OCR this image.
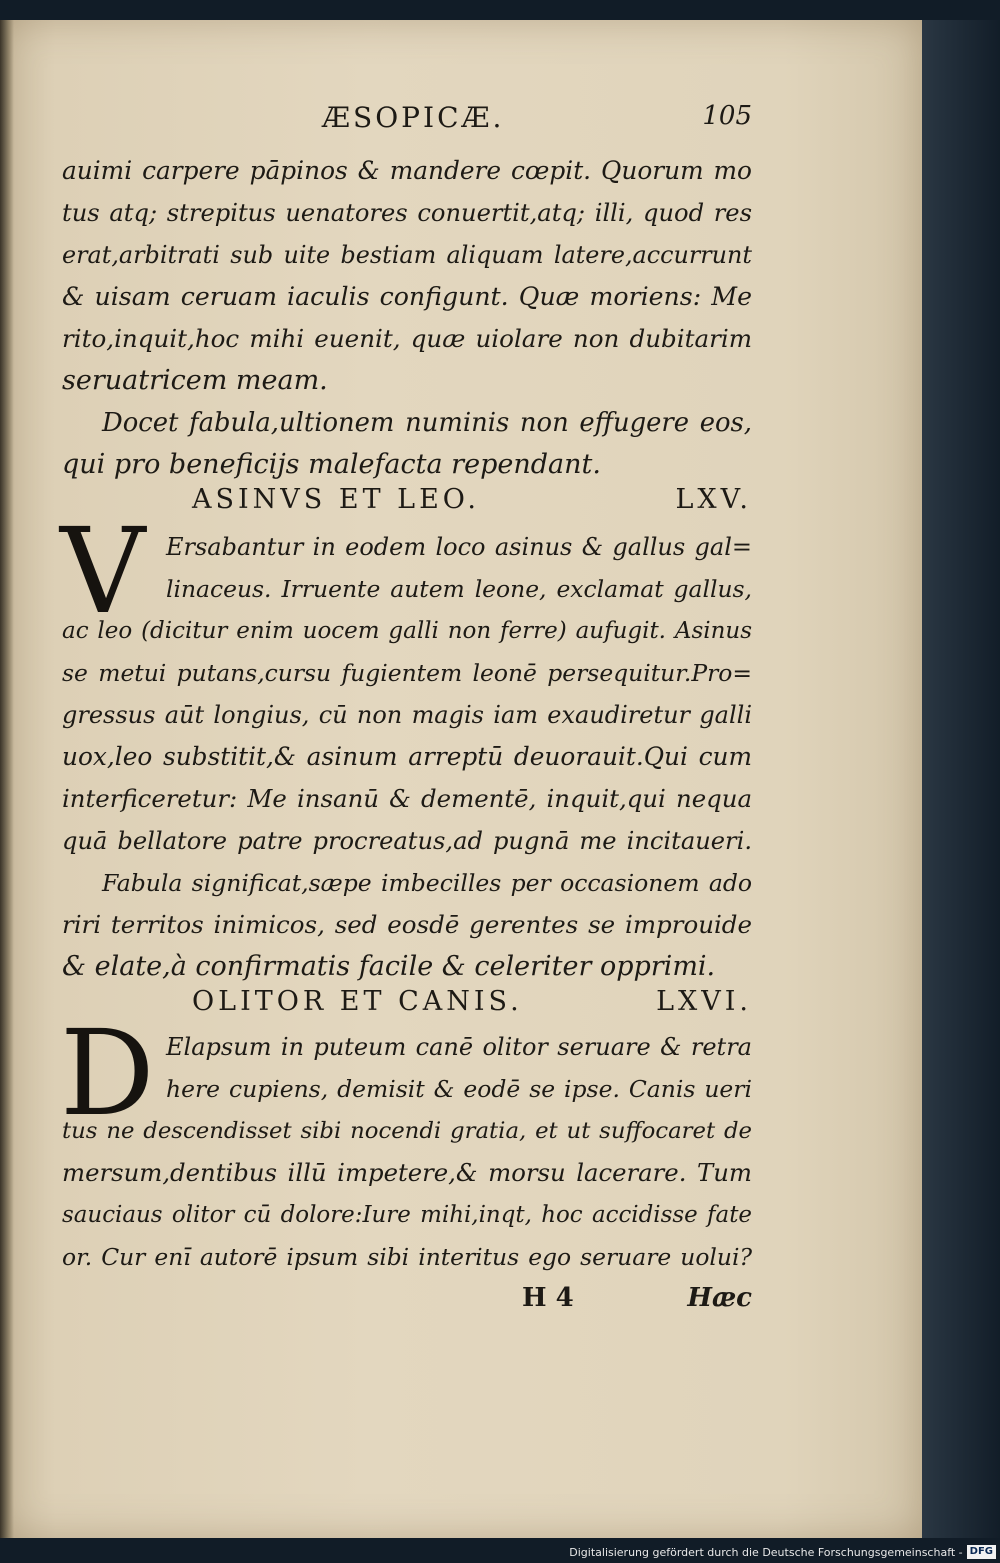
ÆSOPICÆ.	105
auimi carpere pāpinos & mandere cœpit. Quorum mo
tus atq; strepitus uenatores conuertit,atq; illi, quod res
erat,arbitrati sub uite bestiam aliquam latere,accurrunt
& uisam ceruam iaculis configunt. Quæ moriens: Me
rito,inquit,hoc mihi euenit, quæ uiolare non dubitarim
seruatricem meam.
Docet fabula,ultionem numinis non effugere eos,
qui pro beneficijs malefacta rependant.
ASINVS ET LEO.	LXV.
V Ersabantur in eodem loco asinus & gallus gal=
linaceus. Irruente autem leone, exclamat gallus,
ac leo (dicitur enim uocem galli non ferre) aufugit. Asinus
se metui putans,cursu fugientem leonē persequitur.Pro=
gressus aūt longius, cū non magis iam exaudiretur galli
uox,leo substitit,& asinum arreptū deuorauit.Qui cum
interficeretur: Me insanū & dementē, inquit,qui nequa
quā bellatore patre procreatus,ad pugnā me incitaueri.
Fabula significat,sæpe imbecilles per occasionem ado
riri territos inimicos, sed eosdē gerentes se improuide
& elate,à confirmatis facile & celeriter opprimi.
OLITOR ET CANIS.	LXVI.
D Elapsum in puteum canē olitor seruare & retra
here cupiens, demisit & eodē se ipse. Canis ueri
tus ne descendisset sibi nocendi gratia, et ut suffocaret de
mersum,dentibus illū impetere,& morsu lacerare. Tum
sauciaus olitor cū dolore:Iure mihi,inqt, hoc accidisse fate
or. Cur enī autorē ipsum sibi interitus ego seruare uolui?
H 4	Hæc
Digitalisierung gefördert durch die Deutsche Forschungsgemeinschaft - DFG
